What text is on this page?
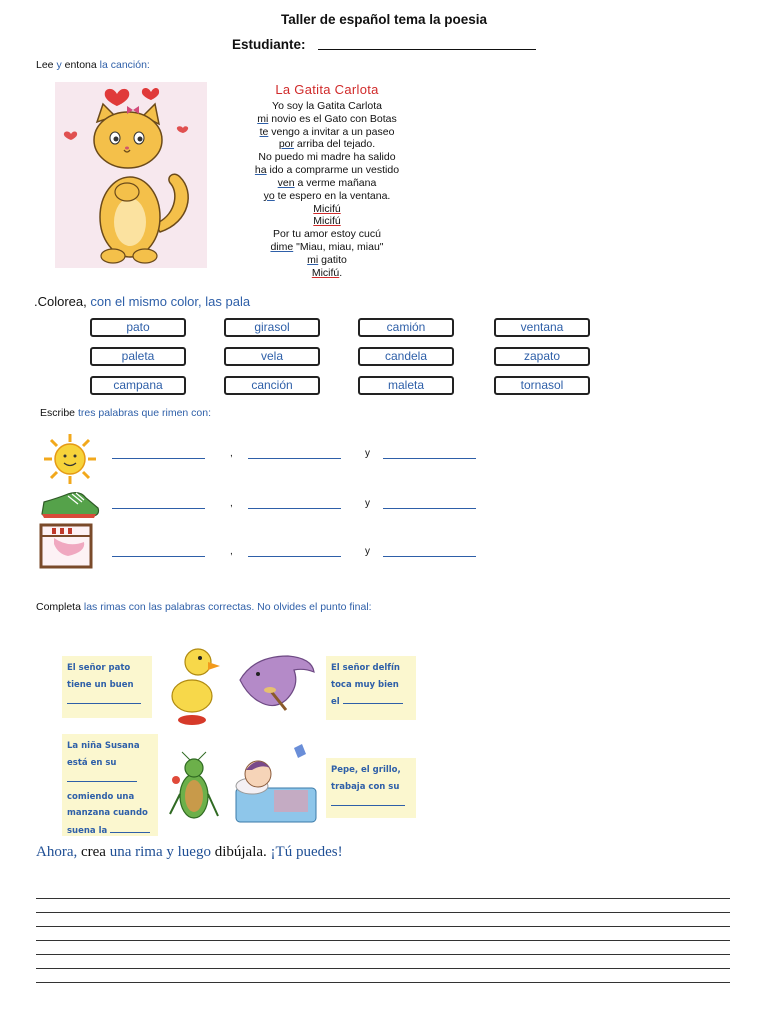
Taller de español tema la poesia
Estudiante:
Lee y entona la canción:
La Gatita Carlota
Yo soy la Gatita Carlota
mi novio es el Gato con Botas
te vengo a invitar a un paseo
por arriba del tejado.
No puedo mi madre ha salido
ha ido a comprarme un vestido
ven a verme mañana
yo te espero en la ventana.
Micifú
Micifú
Por tu amor estoy cucú
dime "Miau, miau, miau"
mi gatito
Micifú.
.Colorea, con el mismo color, las pala
pato	girasol	camión	ventana
paleta	vela	candela	zapato
campana	canción	maleta	tornasol
Escribe tres palabras que rimen con:
,	y
,	y
,	y
Completa las rimas con las palabras correctas. No olvides el punto final:
El señor pato
tiene un buen
El señor delfín
toca muy bien
el
La niña Susana
está en su
comiendo una
manzana cuando
suena la
Pepe, el grillo,
trabaja con su
Ahora, crea una rima y luego dibújala. ¡Tú puedes!
